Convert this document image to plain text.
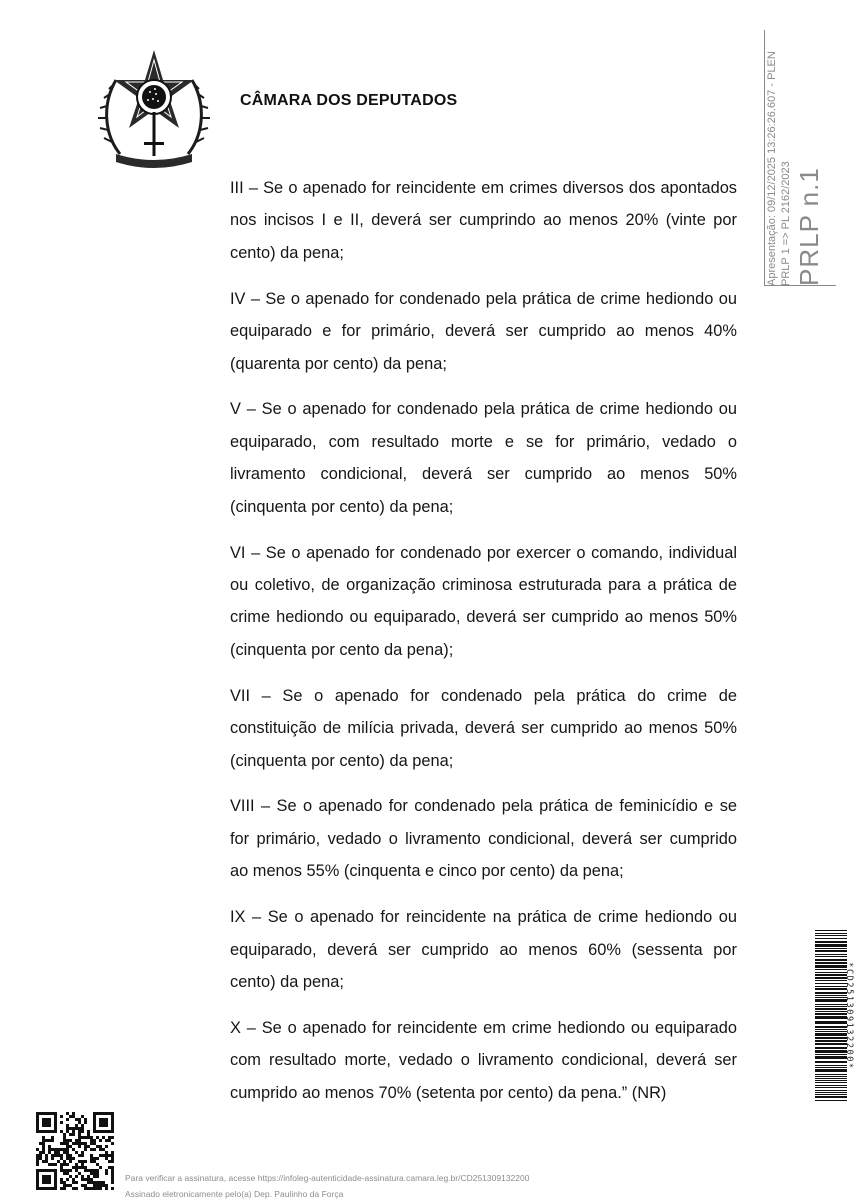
CÂMARA DOS DEPUTADOS

III – Se o apenado for reincidente em crimes diversos dos apontados nos incisos I e II, deverá ser cumprindo ao menos 20% (vinte por cento) da pena;

IV – Se o apenado for condenado pela prática de crime hediondo ou equiparado e for primário, deverá ser cumprido ao menos 40% (quarenta por cento) da pena;

V – Se o apenado for condenado pela prática de crime hediondo ou equiparado, com resultado morte e se for primário, vedado o livramento condicional, deverá ser cumprido ao menos 50% (cinquenta por cento) da pena;

VI – Se o apenado for condenado por exercer o comando, individual ou coletivo, de organização criminosa estruturada para a prática de crime hediondo ou equiparado, deverá ser cumprido ao menos 50% (cinquenta por cento da pena);

VII – Se o apenado for condenado pela prática do crime de constituição de milícia privada, deverá ser cumprido ao menos 50% (cinquenta por cento) da pena;

VIII – Se o apenado for condenado pela prática de feminicídio e se for primário, vedado o livramento condicional, deverá ser cumprido ao menos 55% (cinquenta e cinco por cento) da pena;

IX – Se o apenado for reincidente na prática de crime hediondo ou equiparado, deverá ser cumprido ao menos 60% (sessenta por cento) da pena;

X – Se o apenado for reincidente em crime hediondo ou equiparado com resultado morte, vedado o livramento condicional, deverá ser cumprido ao menos 70% (setenta por cento) da pena.” (NR)

Apresentação: 09/12/2025 13:26:26.607 - PLEN PRLP 1 => PL 2162/2023 PRLP n.1
*CD251309132200*
Para verificar a assinatura, acesse https://infoleg-autenticidade-assinatura.camara.leg.br/CD251309132200
Assinado eletronicamente pelo(a) Dep. Paulinho da Força
